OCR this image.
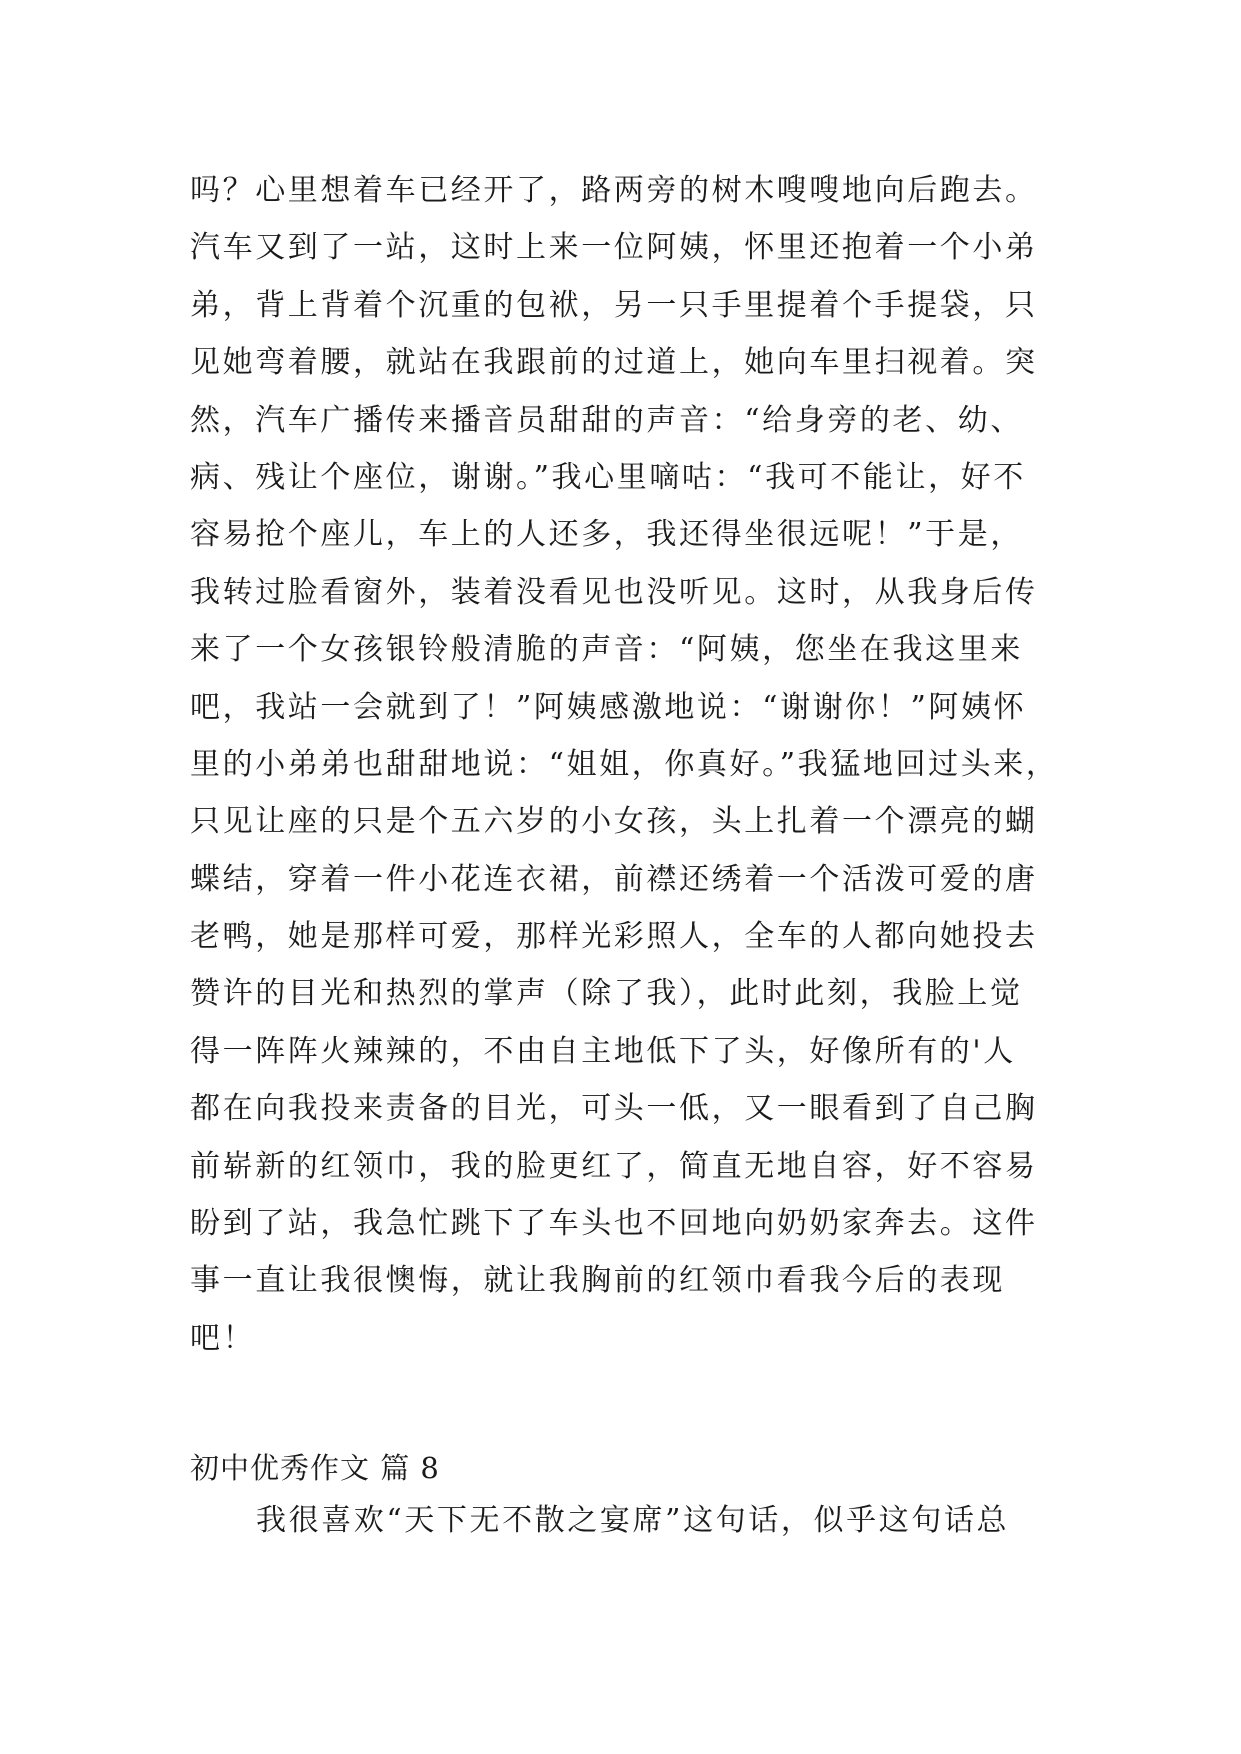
吗？心里想着车已经开了，路两旁的树木嗖嗖地向后跑去。
汽车又到了一站，这时上来一位阿姨，怀里还抱着一个小弟
弟，背上背着个沉重的包袱，另一只手里提着个手提袋，只
见她弯着腰，就站在我跟前的过道上，她向车里扫视着。突
然，汽车广播传来播音员甜甜的声音：“给身旁的老、幼、
病、残让个座位，谢谢。”我心里嘀咕：“我可不能让，好不
容易抢个座儿，车上的人还多，我还得坐很远呢！”于是，
我转过脸看窗外，装着没看见也没听见。这时，从我身后传
来了一个女孩银铃般清脆的声音：“阿姨，您坐在我这里来
吧，我站一会就到了！”阿姨感激地说：“谢谢你！”阿姨怀
里的小弟弟也甜甜地说：“姐姐，你真好。”我猛地回过头来，
只见让座的只是个五六岁的小女孩，头上扎着一个漂亮的蝴
蝶结，穿着一件小花连衣裙，前襟还绣着一个活泼可爱的唐
老鸭，她是那样可爱，那样光彩照人，全车的人都向她投去
赞许的目光和热烈的掌声（除了我），此时此刻，我脸上觉
得一阵阵火辣辣的，不由自主地低下了头，好像所有的'人
都在向我投来责备的目光，可头一低，又一眼看到了自己胸
前崭新的红领巾，我的脸更红了，简直无地自容，好不容易
盼到了站，我急忙跳下了车头也不回地向奶奶家奔去。这件
事一直让我很懊悔，就让我胸前的红领巾看我今后的表现
吧！
初中优秀作文 篇 8
我很喜欢“天下无不散之宴席”这句话，似乎这句话总
